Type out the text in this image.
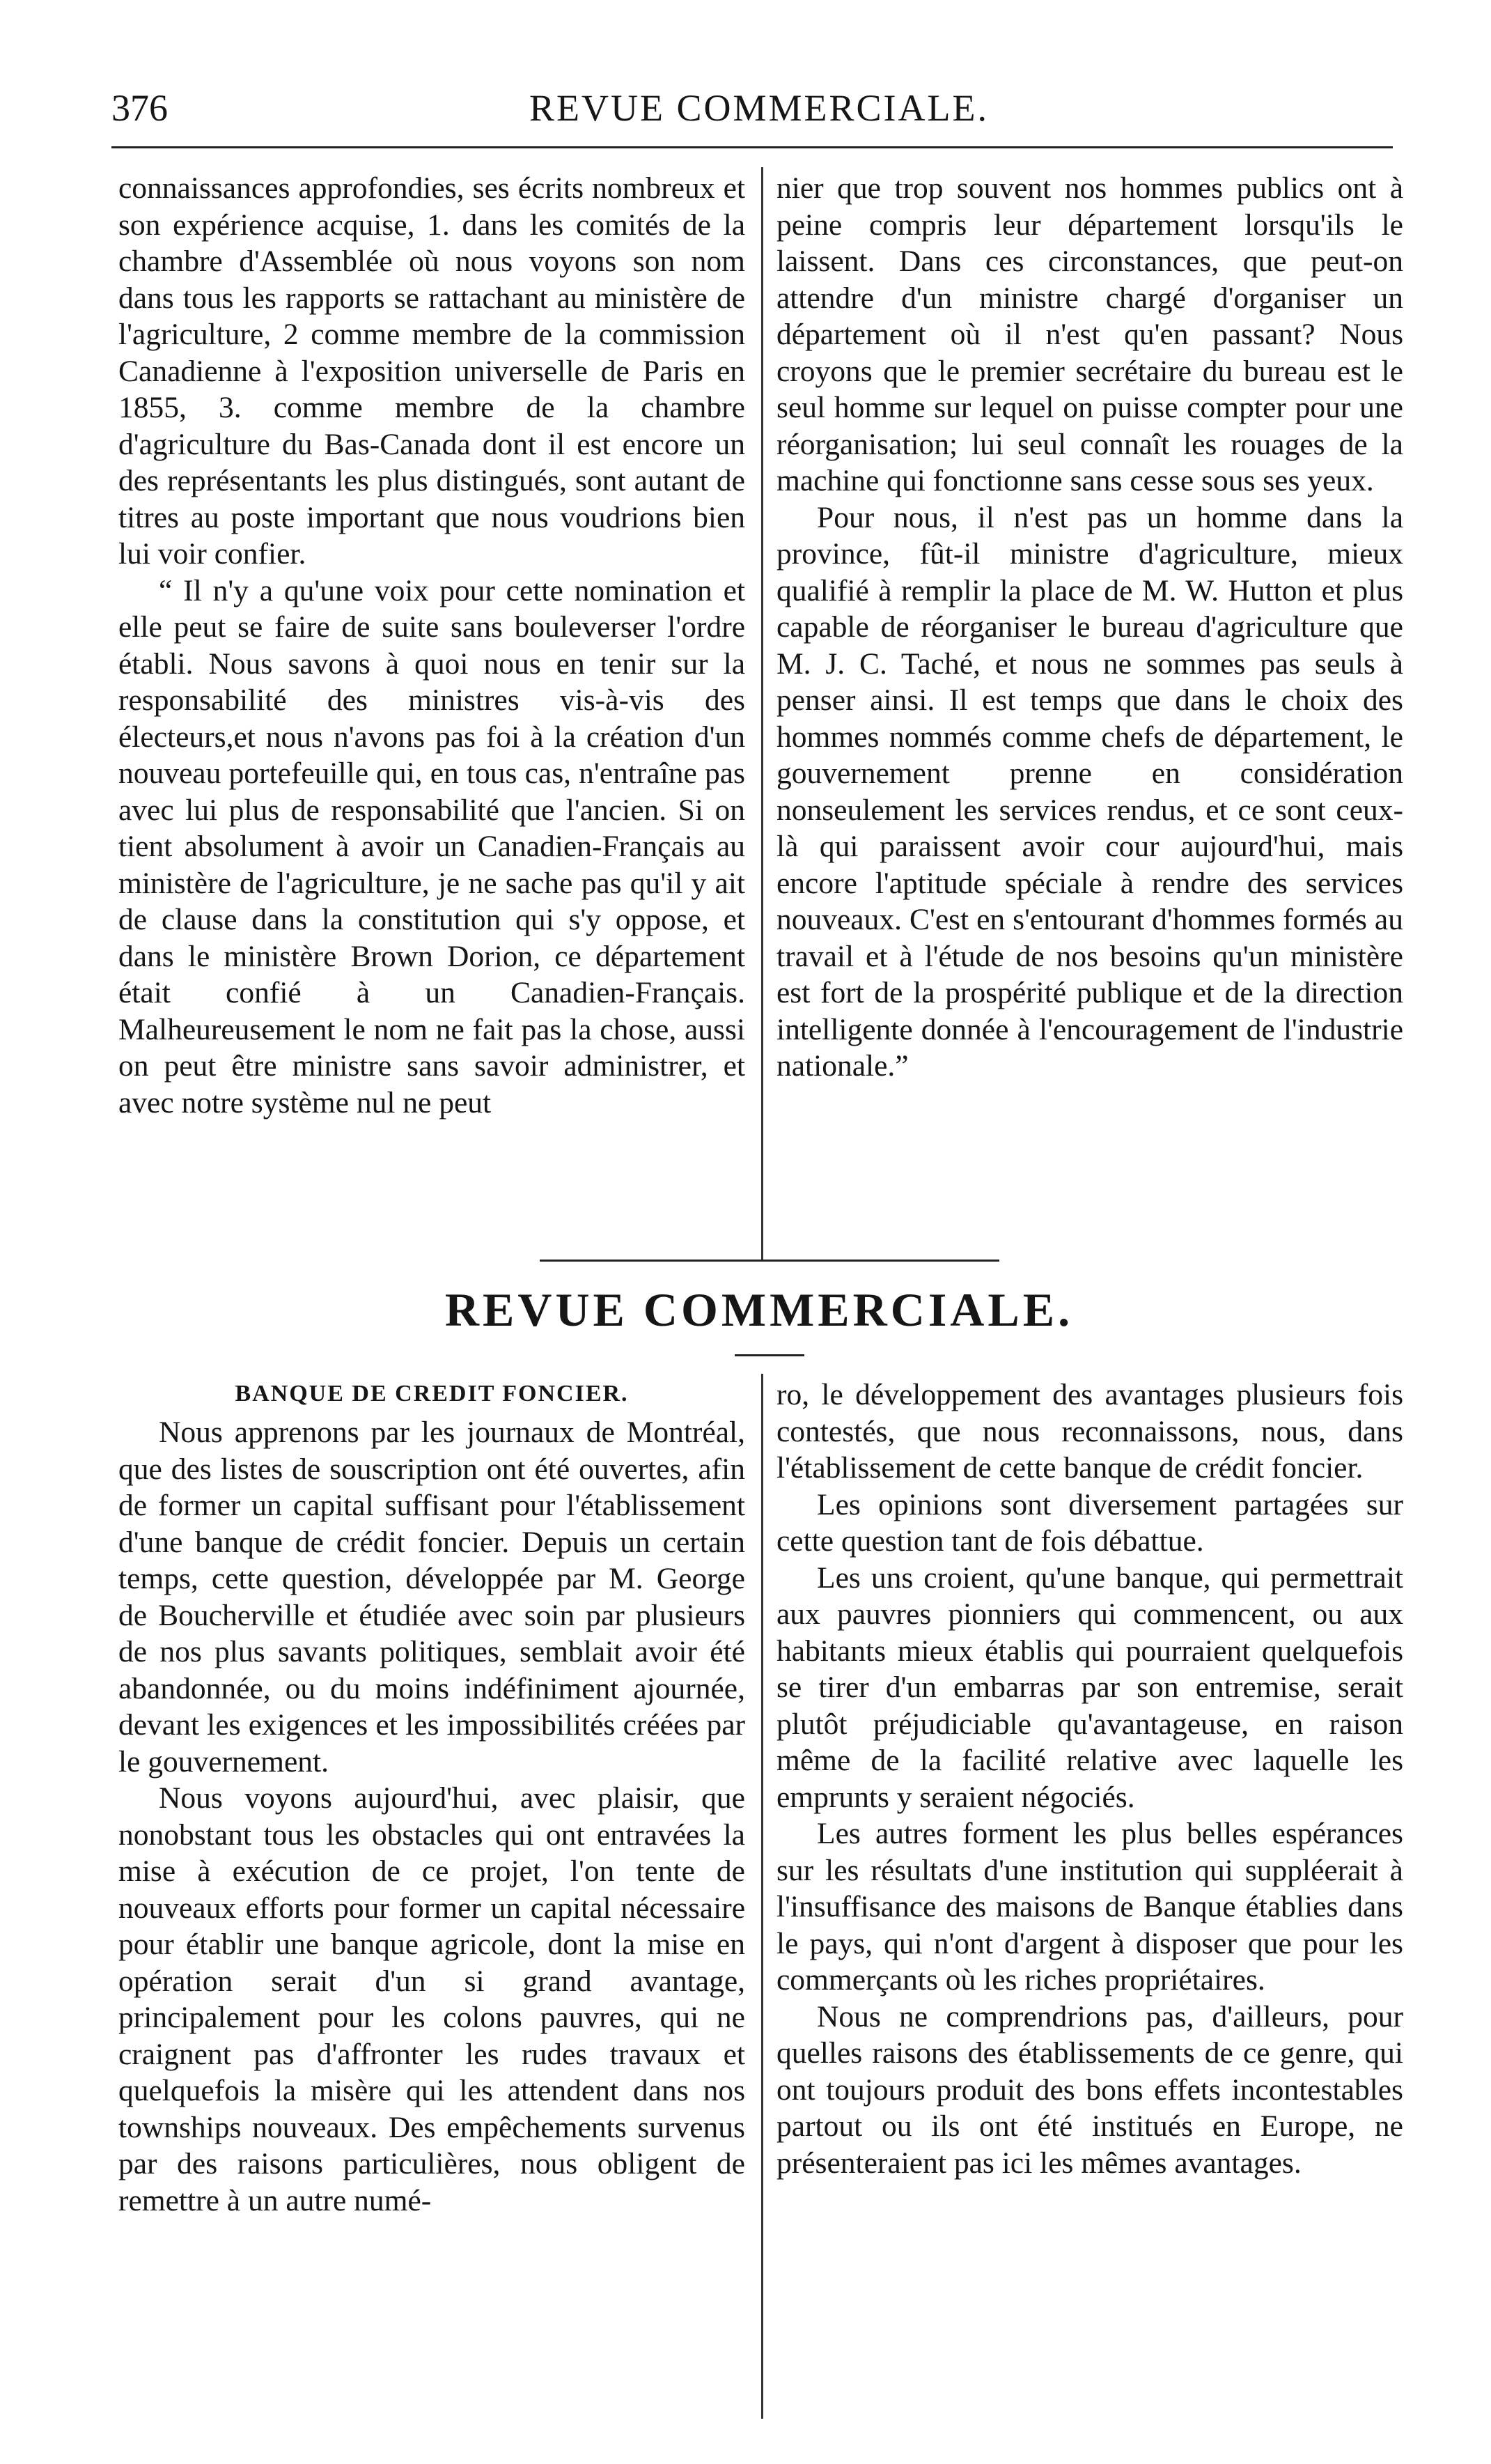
376	REVUE COMMERCIALE.

connaissances approfondies, ses écrits nombreux et son expérience acquise, 1. dans les comités de la chambre d'Assemblée où nous voyons son nom dans tous les rapports se rattachant au ministère de l'agriculture, 2 comme membre de la commission Canadienne à l'exposition universelle de Paris en 1855, 3. comme membre de la chambre d'agriculture du Bas-Canada dont il est encore un des représentants les plus distingués, sont autant de titres au poste important que nous voudrions bien lui voir confier.

“ Il n'y a qu'une voix pour cette nomination et elle peut se faire de suite sans bouleverser l'ordre établi. Nous savons à quoi nous en tenir sur la responsabilité des ministres vis-à-vis des électeurs,et nous n'avons pas foi à la création d'un nouveau portefeuille qui, en tous cas, n'entraîne pas avec lui plus de responsabilité que l'ancien. Si on tient absolument à avoir un Canadien-Français au ministère de l'agriculture, je ne sache pas qu'il y ait de clause dans la constitution qui s'y oppose, et dans le ministère Brown Dorion, ce département était confié à un Canadien-Français. Malheureusement le nom ne fait pas la chose, aussi on peut être ministre sans savoir administrer, et avec notre système nul ne peut

nier que trop souvent nos hommes publics ont à peine compris leur département lorsqu'ils le laissent. Dans ces circonstances, que peut-on attendre d'un ministre chargé d'organiser un département où il n'est qu'en passant? Nous croyons que le premier secrétaire du bureau est le seul homme sur lequel on puisse compter pour une réorganisation; lui seul connaît les rouages de la machine qui fonctionne sans cesse sous ses yeux.

Pour nous, il n'est pas un homme dans la province, fût-il ministre d'agriculture, mieux qualifié à remplir la place de M. W. Hutton et plus capable de réorganiser le bureau d'agriculture que M. J. C. Taché, et nous ne sommes pas seuls à penser ainsi. Il est temps que dans le choix des hommes nommés comme chefs de département, le gouvernement prenne en considération nonseulement les services rendus, et ce sont ceux-là qui paraissent avoir cour aujourd'hui, mais encore l'aptitude spéciale à rendre des services nouveaux. C'est en s'entourant d'hommes formés au travail et à l'étude de nos besoins qu'un ministère est fort de la prospérité publique et de la direction intelligente donnée à l'encouragement de l'industrie nationale.”

REVUE COMMERCIALE.
BANQUE DE CREDIT FONCIER.

Nous apprenons par les journaux de Montréal, que des listes de souscription ont été ouvertes, afin de former un capital suffisant pour l'établissement d'une banque de crédit foncier. Depuis un certain temps, cette question, développée par M. George de Boucherville et étudiée avec soin par plusieurs de nos plus savants politiques, semblait avoir été abandonnée, ou du moins indéfiniment ajournée, devant les exigences et les impossibilités créées par le gouvernement.

Nous voyons aujourd'hui, avec plaisir, que nonobstant tous les obstacles qui ont entravées la mise à exécution de ce projet, l'on tente de nouveaux efforts pour former un capital nécessaire pour établir une banque agricole, dont la mise en opération serait d'un si grand avantage, principalement pour les colons pauvres, qui ne craignent pas d'affronter les rudes travaux et quelquefois la misère qui les attendent dans nos townships nouveaux. Des empêchements survenus par des raisons particulières, nous obligent de remettre à un autre numé-

ro, le développement des avantages plusieurs fois contestés, que nous reconnaissons, nous, dans l'établissement de cette banque de crédit foncier.

Les opinions sont diversement partagées sur cette question tant de fois débattue.

Les uns croient, qu'une banque, qui permettrait aux pauvres pionniers qui commencent, ou aux habitants mieux établis qui pourraient quelquefois se tirer d'un embarras par son entremise, serait plutôt préjudiciable qu'avantageuse, en raison même de la facilité relative avec laquelle les emprunts y seraient négociés.

Les autres forment les plus belles espérances sur les résultats d'une institution qui suppléerait à l'insuffisance des maisons de Banque établies dans le pays, qui n'ont d'argent à disposer que pour les commerçants où les riches propriétaires.

Nous ne comprendrions pas, d'ailleurs, pour quelles raisons des établissements de ce genre, qui ont toujours produit des bons effets incontestables partout ou ils ont été institués en Europe, ne présenteraient pas ici les mêmes avantages.
